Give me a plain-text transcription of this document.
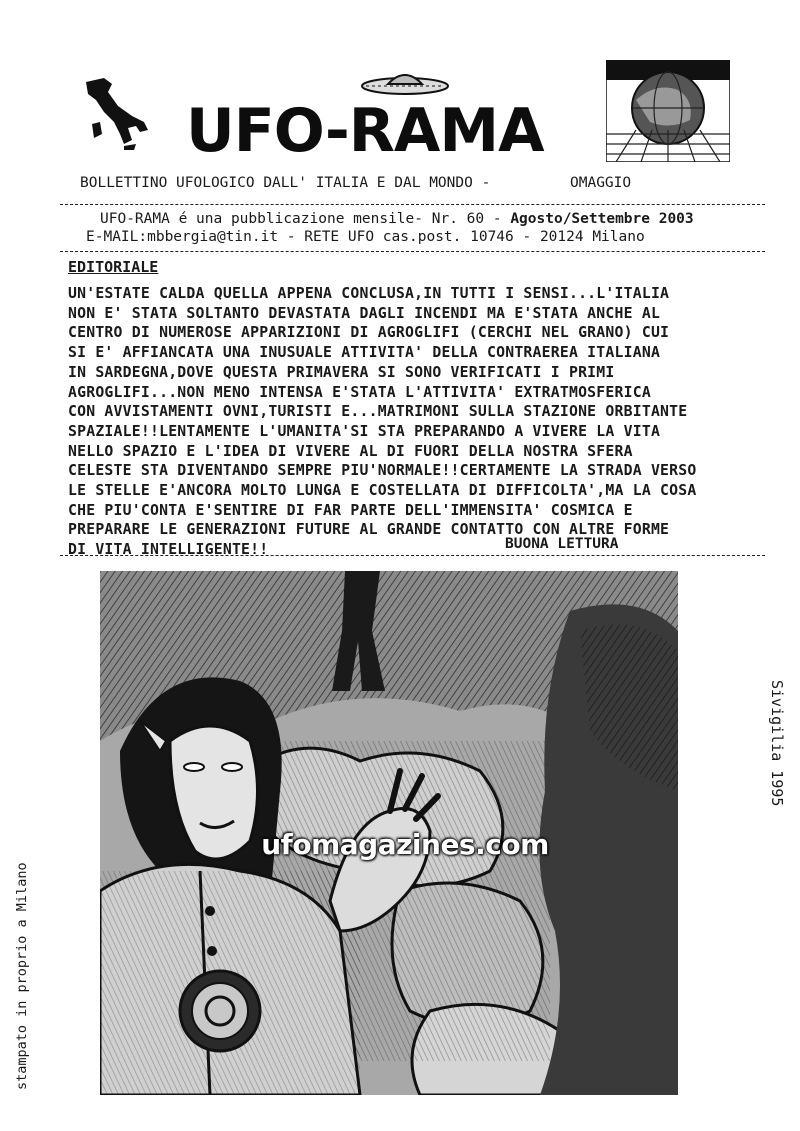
UFO-RAMA
BOLLETTINO UFOLOGICO DALL' ITALIA E DAL MONDO -	OMAGGIO
UFO-RAMA é una pubblicazione mensile- Nr. 60 - Agosto/Settembre 2003
E-MAIL:mbbergia@tin.it - RETE UFO cas.post. 10746 - 20124 Milano
EDITORIALE

UN'ESTATE CALDA QUELLA APPENA CONCLUSA,IN TUTTI I SENSI...L'ITALIA

NON E' STATA SOLTANTO DEVASTATA DAGLI INCENDI MA E'STATA ANCHE AL

CENTRO DI NUMEROSE APPARIZIONI DI AGROGLIFI (CERCHI NEL GRANO) CUI

SI E' AFFIANCATA UNA INUSUALE ATTIVITA' DELLA CONTRAEREA ITALIANA

IN SARDEGNA,DOVE QUESTA PRIMAVERA SI SONO VERIFICATI I PRIMI

AGROGLIFI...NON MENO INTENSA E'STATA L'ATTIVITA' EXTRATMOSFERICA

CON AVVISTAMENTI OVNI,TURISTI E...MATRIMONI SULLA STAZIONE ORBITANTE

SPAZIALE!!LENTAMENTE L'UMANITA'SI STA PREPARANDO A VIVERE LA VITA

NELLO SPAZIO E L'IDEA DI VIVERE AL DI FUORI DELLA NOSTRA SFERA

CELESTE STA DIVENTANDO SEMPRE PIU'NORMALE!!CERTAMENTE LA STRADA VERSO

LE STELLE E'ANCORA MOLTO LUNGA E COSTELLATA DI DIFFICOLTA',MA LA COSA

CHE PIU'CONTA E'SENTIRE DI FAR PARTE DELL'IMMENSITA' COSMICA E

PREPARARE LE GENERAZIONI FUTURE AL GRANDE CONTATTO CON ALTRE FORME

DI VITA INTELLIGENTE!!	BUONA LETTURA
ufomagazines.com
Sivigilia 1995
stampato in proprio a Milano
